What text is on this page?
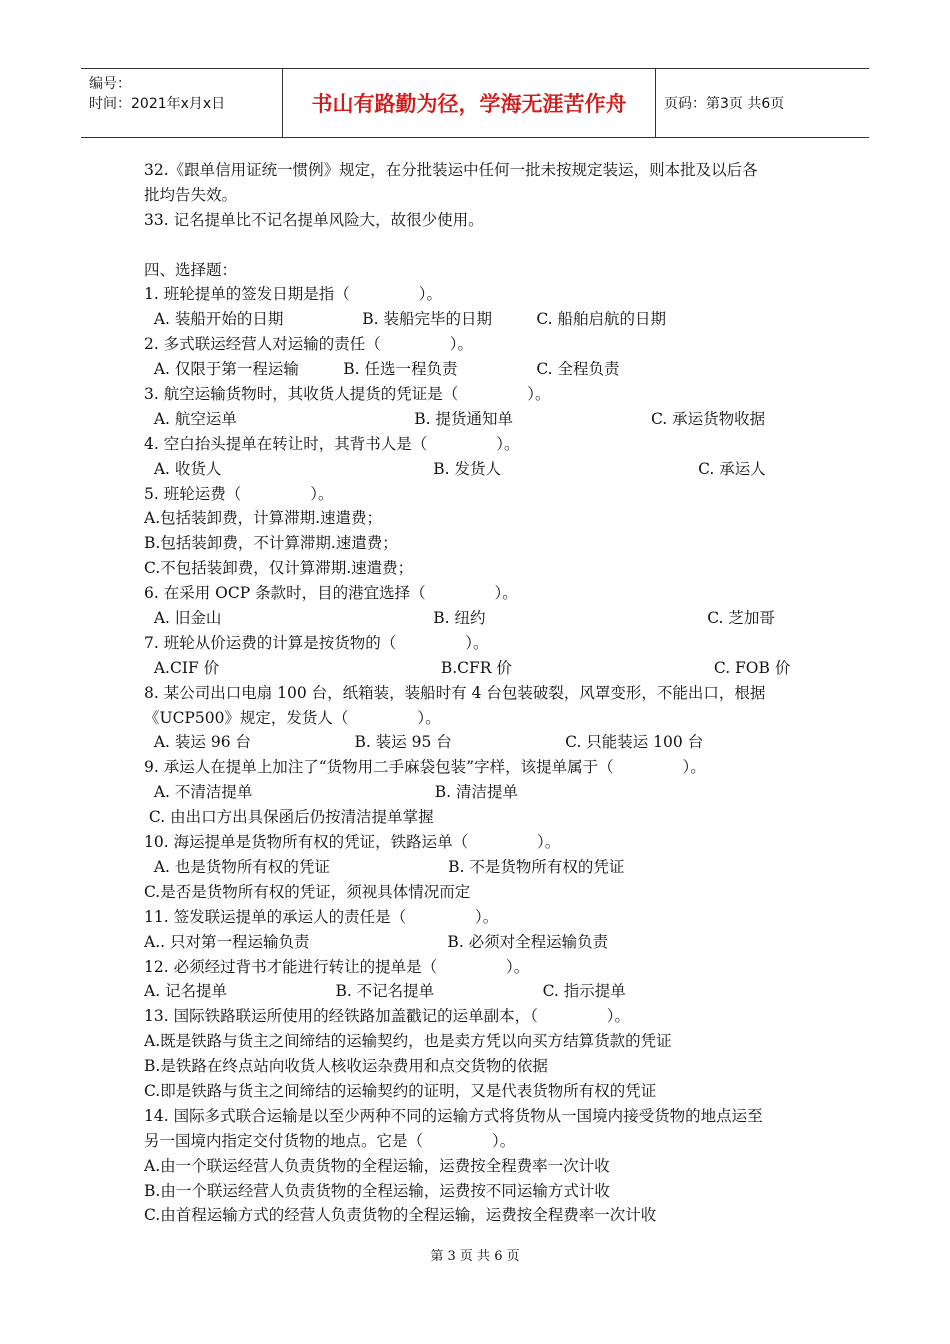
编号：
时间：2021年x月x日	书山有路勤为径，学海无涯苦作舟	页码：第3页 共6页
32.《跟单信用证统一惯例》规定，在分批装运中任何一批未按规定装运，则本批及以后各
批均告失效。
33. 记名提单比不记名提单风险大，故很少使用。
四、选择题：
1. 班轮提单的签发日期是指（              ）。
A. 装船开始的日期                B. 装船完毕的日期         C. 船舶启航的日期
2. 多式联运经营人对运输的责任（              ）。
A. 仅限于第一程运输         B. 任选一程负责                C. 全程负责
3. 航空运输货物时，其收货人提货的凭证是（              ）。
A. 航空运单                                    B. 提货通知单                            C. 承运货物收据
4. 空白抬头提单在转让时，其背书人是（              ）。
A. 收货人                                           B. 发货人                                        C. 承运人
5. 班轮运费（              ）。
A.包括装卸费，计算滞期.速遣费；
B.包括装卸费，不计算滞期.速遣费；
C.不包括装卸费，仅计算滞期.速遣费；
6. 在采用 OCP 条款时，目的港宜选择（              ）。
A. 旧金山                                           B. 纽约                                             C. 芝加哥
7. 班轮从价运费的计算是按货物的（              ）。
A.CIF 价                                             B.CFR 价                                         C. FOB 价
8. 某公司出口电扇 100 台，纸箱装，装船时有 4 台包装破裂，风罩变形，不能出口，根据
《UCP500》规定，发货人（              ）。
A. 装运 96 台                     B. 装运 95 台                       C. 只能装运 100 台
9. 承运人在提单上加注了“货物用二手麻袋包装”字样，该提单属于（              ）。
A. 不清洁提单                                     B. 清洁提单
C. 由出口方出具保函后仍按清洁提单掌握
10. 海运提单是货物所有权的凭证，铁路运单（              ）。
A. 也是货物所有权的凭证                        B. 不是货物所有权的凭证
C.是否是货物所有权的凭证，须视具体情况而定
11. 签发联运提单的承运人的责任是（              ）。
A.. 只对第一程运输负责                            B. 必须对全程运输负责
12. 必须经过背书才能进行转让的提单是（              ）。
A. 记名提单                      B. 不记名提单                      C. 指示提单
13. 国际铁路联运所使用的经铁路加盖戳记的运单副本，（              ）。
A.既是铁路与货主之间缔结的运输契约，也是卖方凭以向买方结算货款的凭证
B.是铁路在终点站向收货人核收运杂费用和点交货物的依据
C.即是铁路与货主之间缔结的运输契约的证明，又是代表货物所有权的凭证
14. 国际多式联合运输是以至少两种不同的运输方式将货物从一国境内接受货物的地点运至
另一国境内指定交付货物的地点。它是（              ）。
A.由一个联运经营人负责货物的全程运输，运费按全程费率一次计收
B.由一个联运经营人负责货物的全程运输，运费按不同运输方式计收
C.由首程运输方式的经营人负责货物的全程运输，运费按全程费率一次计收
第 3 页 共 6 页
